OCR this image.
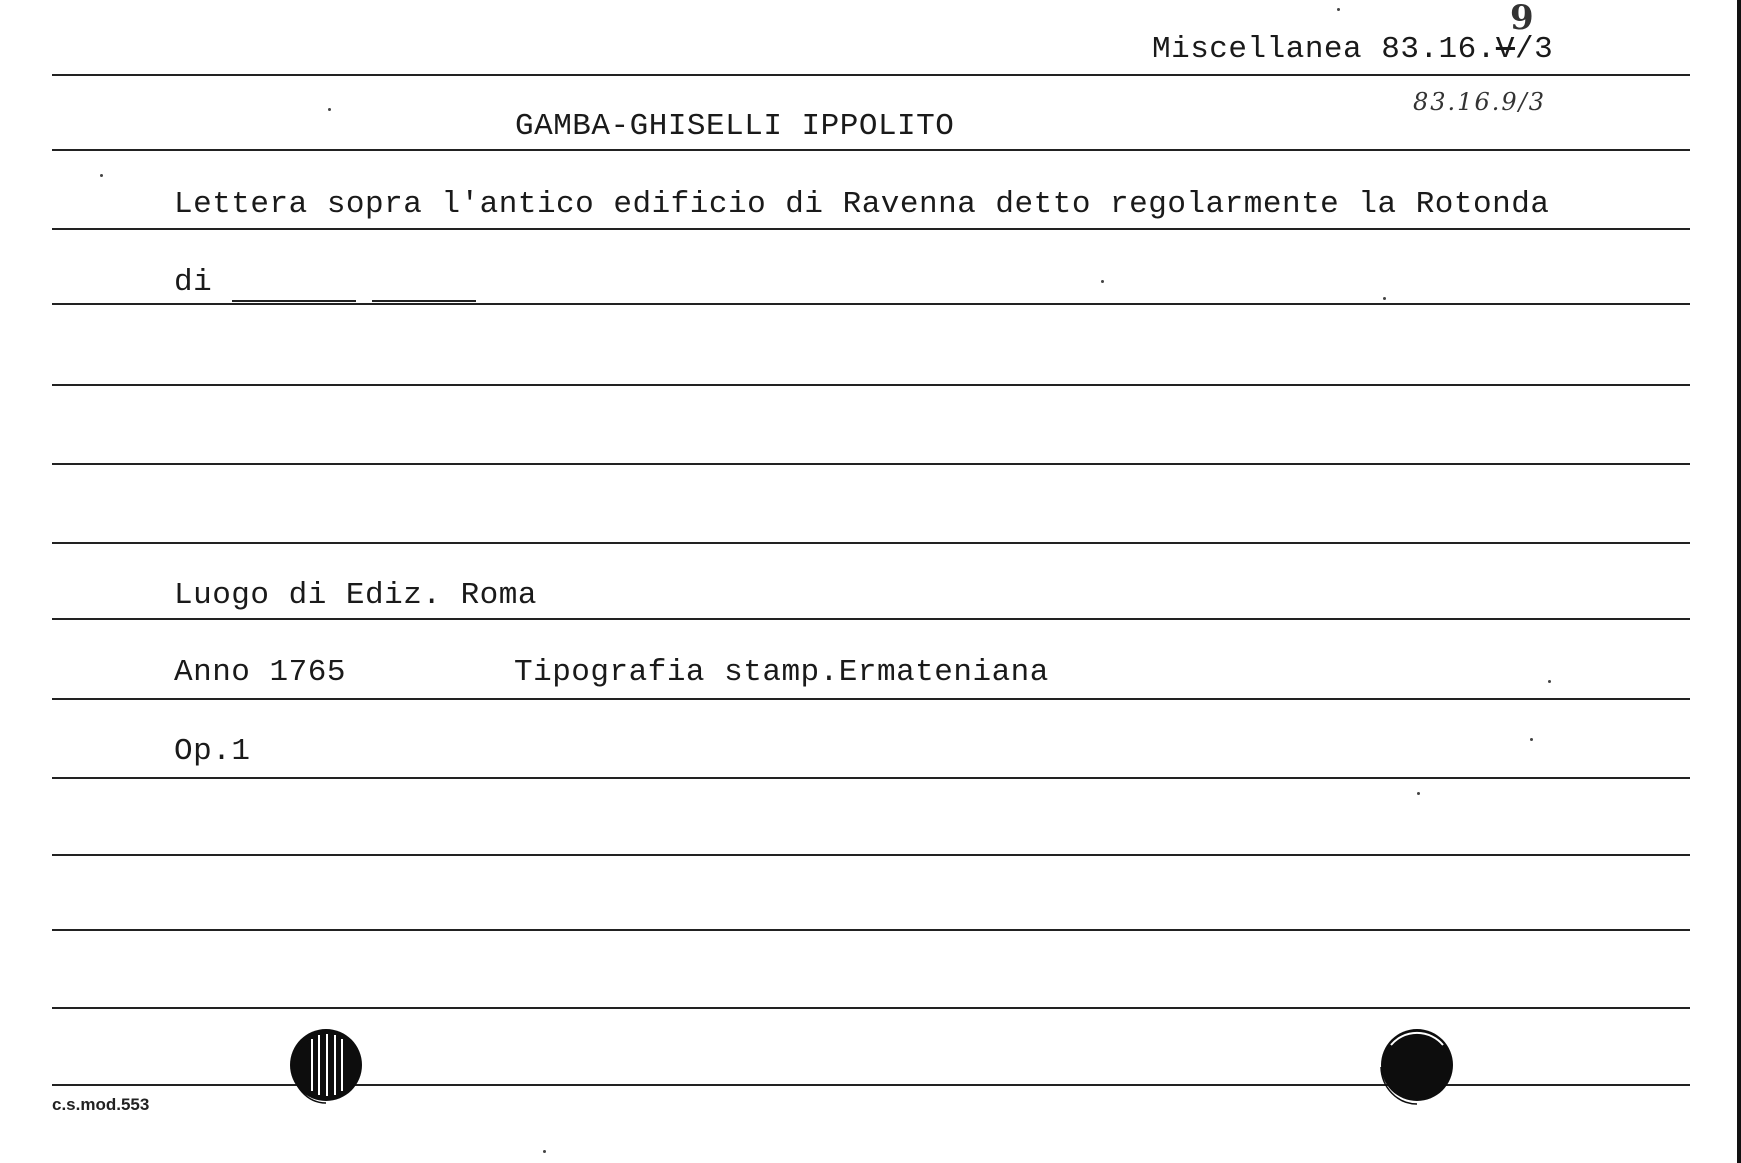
Miscellanea 83.16.V/3
9
83.16.9/3
GAMBA-GHISELLI IPPOLITO
Lettera sopra l'antico edificio di Ravenna detto regolarmente la Rotonda
di
Luogo di Ediz. Roma
Anno 1765	Tipografia stamp.Ermateniana
Op.1
c.s.mod.553
